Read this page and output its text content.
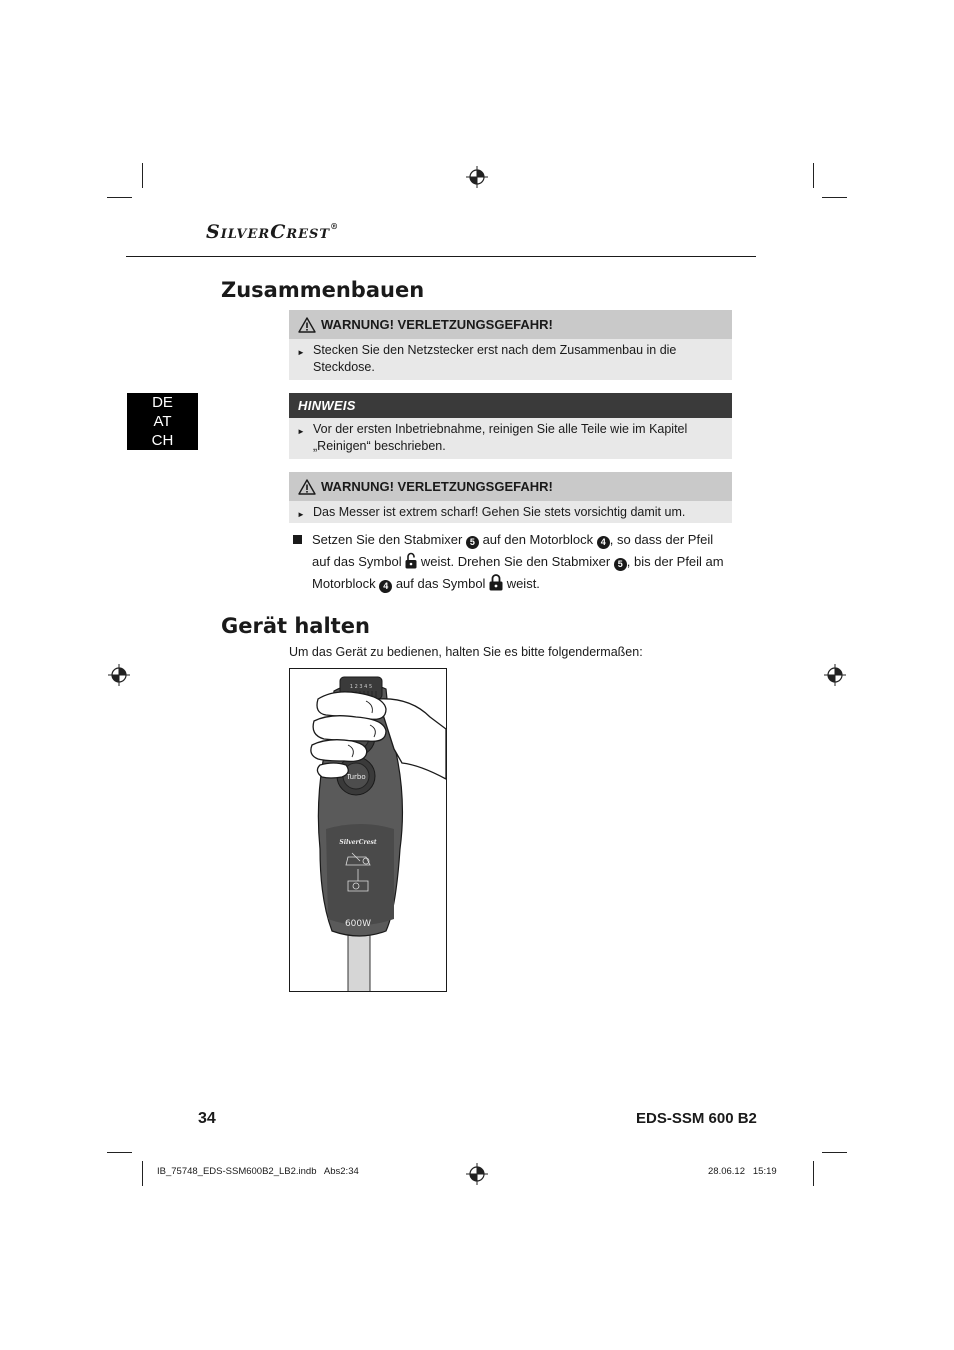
SilverCrest®
Zusammenbauen
DE
AT
CH
WARNUNG! VERLETZUNGSGEFAHR!
► Stecken Sie den Netzstecker erst nach dem Zusammenbau in die Steckdose.
HINWEIS
► Vor der ersten Inbetriebnahme, reinigen Sie alle Teile wie im Kapitel „Reinigen“ beschrieben.
WARNUNG! VERLETZUNGSGEFAHR!
► Das Messer ist extrem scharf! Gehen Sie stets vorsichtig damit um.
Setzen Sie den Stabmixer 5 auf den Motorblock 4 , so dass der Pfeil auf das Symbol weist. Drehen Sie den Stabmixer 5 , bis der Pfeil am Motorblock 4 auf das Symbol weist.
Gerät halten
Um das Gerät zu bedienen, halten Sie es bitte folgendermaßen:
1 2 3 4 5
Turbo
SilverCrest
600W
34	EDS-SSM 600 B2
IB_75748_EDS-SSM600B2_LB2.indb   Abs2:34	28.06.12   15:19
